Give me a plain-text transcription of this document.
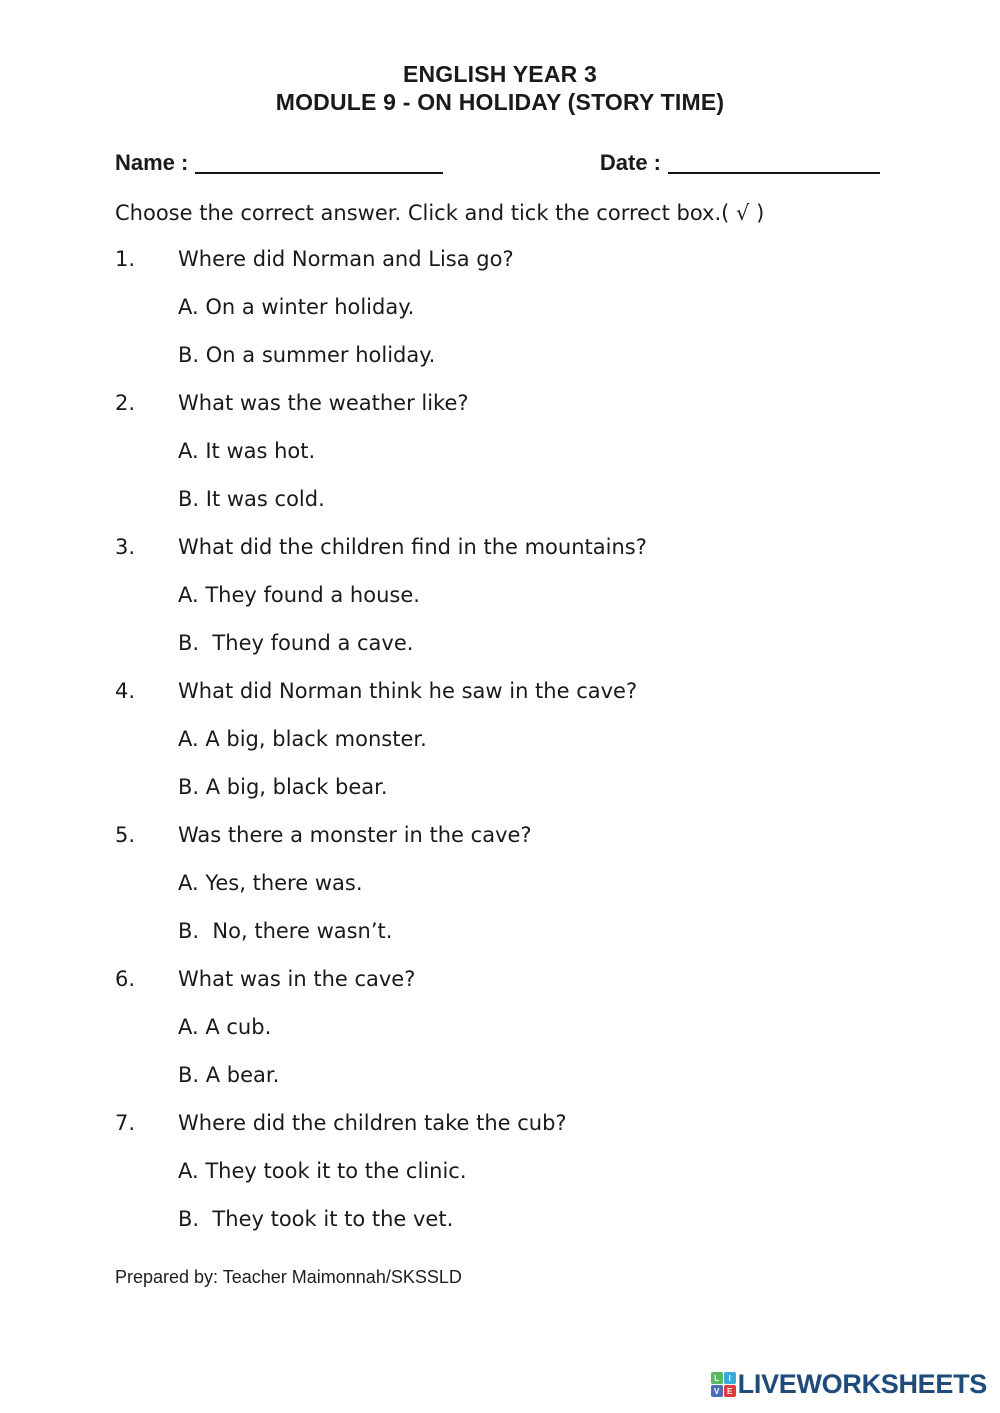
ENGLISH YEAR 3
MODULE 9 - ON HOLIDAY (STORY TIME)
Name :	Date :

Choose the correct answer. Click and tick the correct box.( √ )

1.	Where did Norman and Lisa go?
A. On a winter holiday.
B. On a summer holiday.
2.	What was the weather like?
A. It was hot.
B. It was cold.
3.	What did the children find in the mountains?
A. They found a house.
B.  They found a cave.
4.	What did Norman think he saw in the cave?
A. A big, black monster.
B. A big, black bear.
5.	Was there a monster in the cave?
A. Yes, there was.
B.  No, there wasn’t.
6.	What was in the cave?
A. A cub.
B. A bear.
7.	Where did the children take the cub?
A. They took it to the clinic.
B.  They took it to the vet.
Prepared by: Teacher Maimonnah/SKSSLD
L	I
V E LIVEWORKSHEETS
